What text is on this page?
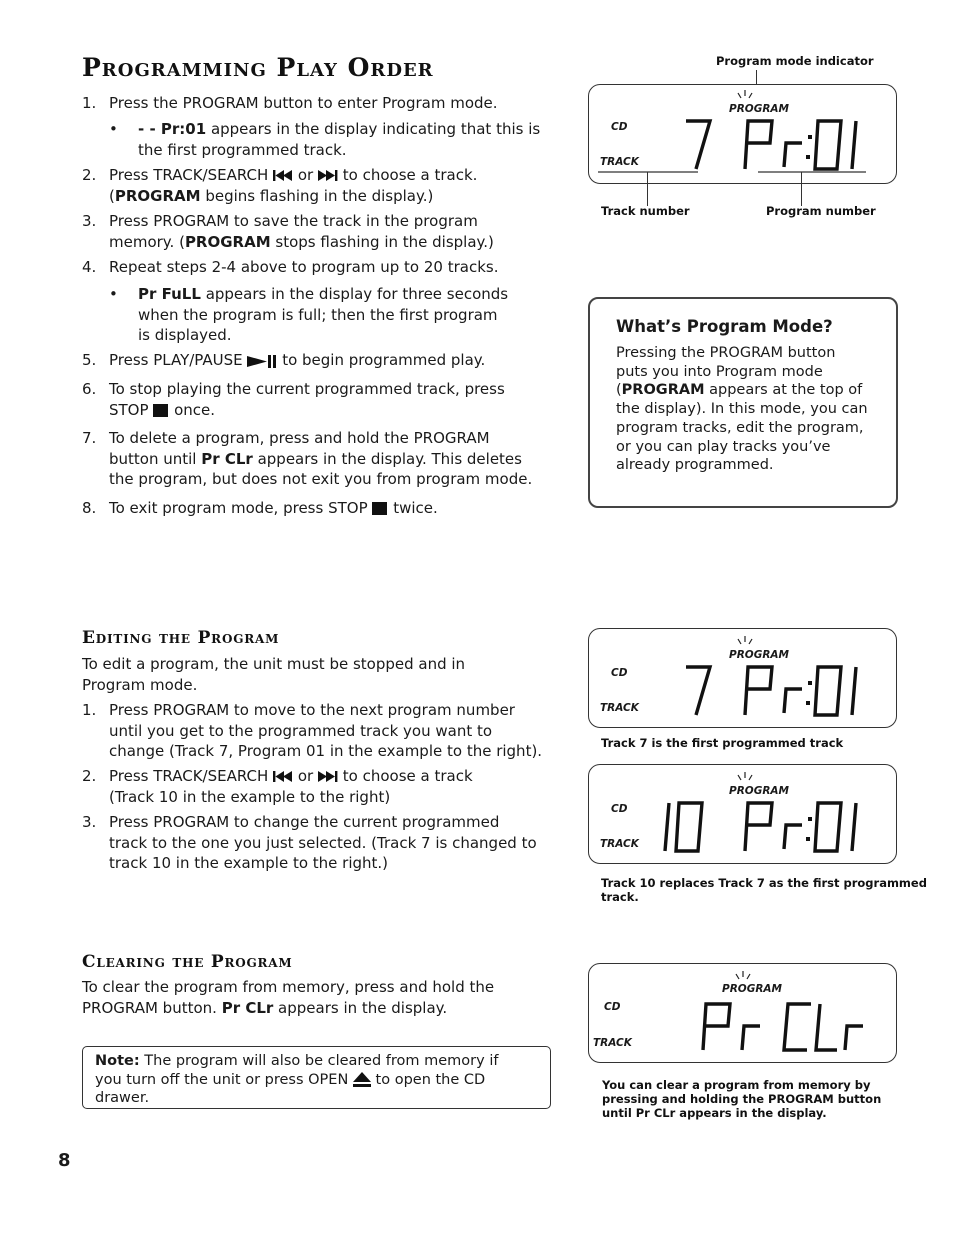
Programming Play Order
1. Press the PROGRAM button to enter Program mode.
• - - Pr:01 appears in the display indicating that this is
the first programmed track.
2. Press TRACK/SEARCH or to choose a track.
(PROGRAM begins flashing in the display.)
3. Press PROGRAM to save the track in the program
memory. (PROGRAM stops flashing in the display.)
4. Repeat steps 2-4 above to program up to 20 tracks.
• Pr FuLL appears in the display for three seconds
when the program is full; then the first program
is displayed.
5. Press PLAY/PAUSE	to begin programmed play.
6. To stop playing the current programmed track, press
STOP once.
7. To delete a program, press and hold the PROGRAM
button until Pr CLr appears in the display. This deletes
the program, but does not exit you from program mode.
8. To exit program mode, press STOP twice.
Program mode indicator
PROGRAM
CD
TRACK
Track number	Program number
What’s Program Mode?
Pressing the PROGRAM button
puts you into Program mode
(PROGRAM appears at the top of
the display). In this mode, you can
program tracks, edit the program,
or you can play tracks you’ve
already programmed.
Editing the Program
To edit a program, the unit must be stopped and in
Program mode.
1. Press PROGRAM to move to the next program number
until you get to the programmed track you want to
change (Track 7, Program 01 in the example to the right).
2. Press TRACK/SEARCH or to choose a track
(Track 10 in the example to the right)
3. Press PROGRAM to change the current programmed
track to the one you just selected. (Track 7 is changed to
track 10 in the example to the right.)
PROGRAM
CD
TRACK
Track 7 is the first programmed track
PROGRAM
CD
TRACK
Track 10 replaces Track 7 as the first programmed
track.
Clearing the Program
To clear the program from memory, press and hold the
PROGRAM button. Pr CLr appears in the display.
Note: The program will also be cleared from memory if
you turn off the unit or press OPEN to open the CD
drawer.
PROGRAM
CD
TRACK
You can clear a program from memory by
pressing and holding the PROGRAM button
until Pr CLr appears in the display.
8
